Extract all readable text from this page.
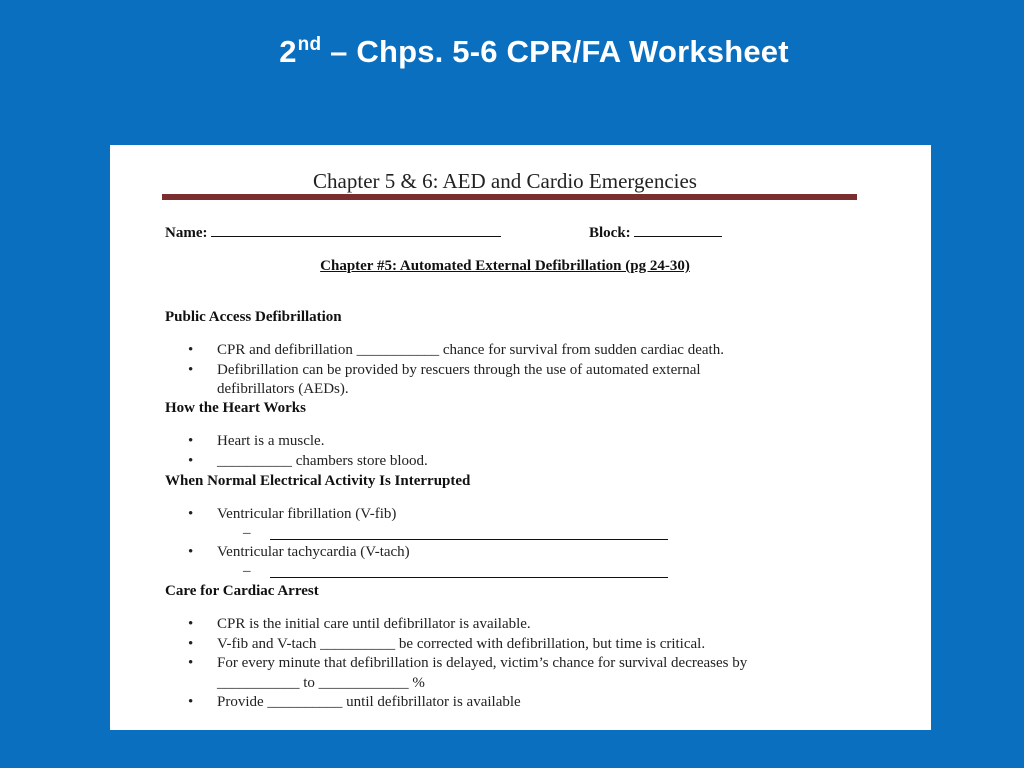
2nd – Chps. 5-6 CPR/FA Worksheet
Chapter 5 & 6: AED and Cardio Emergencies
Name:	Block:
Chapter #5: Automated External Defibrillation (pg 24-30)
Public Access Defibrillation
• CPR and defibrillation ___________ chance for survival from sudden cardiac death.
• Defibrillation can be provided by rescuers through the use of automated external
defibrillators (AEDs).
How the Heart Works
• Heart is a muscle.
• __________ chambers store blood.
When Normal Electrical Activity Is Interrupted
• Ventricular fibrillation (V-fib)
–
• Ventricular tachycardia (V-tach)
–
Care for Cardiac Arrest
• CPR is the initial care until defibrillator is available.
• V-fib and V-tach __________ be corrected with defibrillation, but time is critical.
• For every minute that defibrillation is delayed, victim’s chance for survival decreases by
___________ to ____________ %
• Provide __________ until defibrillator is available
